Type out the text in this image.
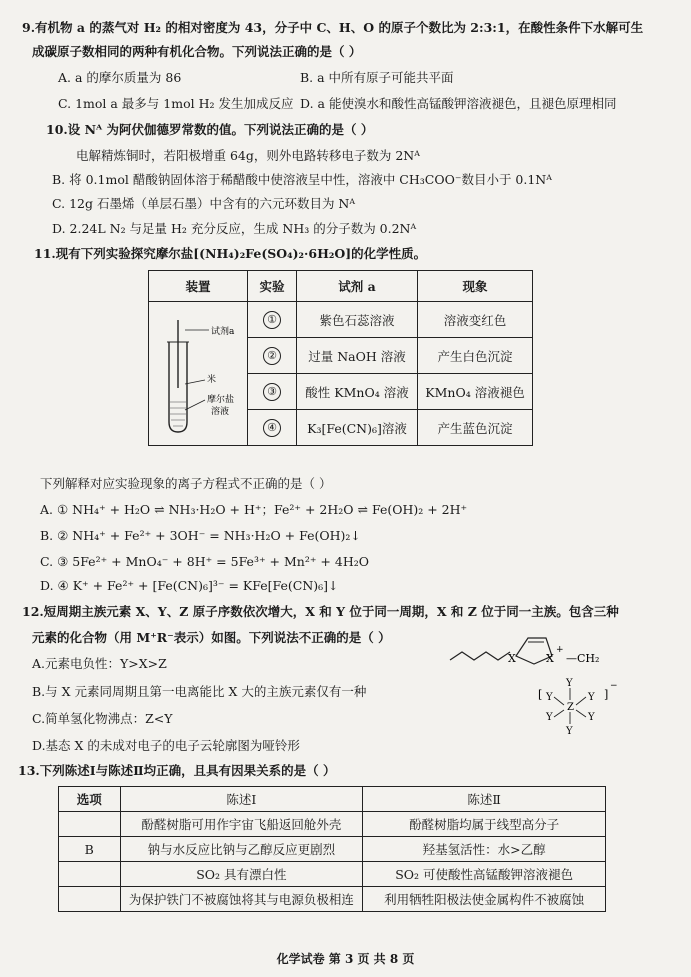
9.有机物 a 的蒸气对 H₂ 的相对密度为 43，分子中 C、H、O 的原子个数比为 2:3:1，在酸性条件下水解可生
成碳原子数相同的两种有机化合物。下列说法正确的是（ ）
A. a 的摩尔质量为 86	B. a 中所有原子可能共平面
C. 1mol a 最多与 1mol H₂ 发生加成反应 D. a 能使溴水和酸性高锰酸钾溶液褪色，且褪色原理相同
10.设 Nᴬ 为阿伏伽德罗常数的值。下列说法正确的是（ ）
电解精炼铜时，若阳极增重 64g，则外电路转移电子数为 2Nᴬ
B. 将 0.1mol 醋酸钠固体溶于稀醋酸中使溶液呈中性，溶液中 CH₃COO⁻数目小于 0.1Nᴬ
C. 12g 石墨烯（单层石墨）中含有的六元环数目为 Nᴬ
D. 2.24L N₂ 与足量 H₂ 充分反应，生成 NH₃ 的分子数为 0.2Nᴬ
11.现有下列实验探究摩尔盐[(NH₄)₂Fe(SO₄)₂·6H₂O]的化学性质。
装置	实验	试剂 a	现象

试剂a
米
摩尔盐
溶液	①	紫色石蕊溶液	溶液变红色
	②	过量 NaOH 溶液	产生白色沉淀
	③	酸性 KMnO₄ 溶液	KMnO₄ 溶液褪色
	④	K₃[Fe(CN)₆]溶液	产生蓝色沉淀
下列解释对应实验现象的离子方程式不正确的是（ ）
A. ① NH₄⁺ + H₂O ⇌ NH₃·H₂O + H⁺；Fe²⁺ + 2H₂O ⇌ Fe(OH)₂ + 2H⁺
B. ② NH₄⁺ + Fe²⁺ + 3OH⁻ = NH₃·H₂O + Fe(OH)₂↓
C. ③ 5Fe²⁺ + MnO₄⁻ + 8H⁺ = 5Fe³⁺ + Mn²⁺ + 4H₂O
D. ④ K⁺ + Fe²⁺ + [Fe(CN)₆]³⁻ = KFe[Fe(CN)₆]↓
12.短周期主族元素 X、Y、Z 原子序数依次增大，X 和 Y 位于同一周期，X 和 Z 位于同一主族。包含三种
元素的化合物（用 M⁺R⁻表示）如图。下列说法不正确的是（ ）
A.元素电负性：Y>X>Z
B.与 X 元素同周期且第一电离能比 X 大的主族元素仅有一种
C.简单氢化物沸点：Z<Y
D.基态 X 的未成对电子的电子云轮廓图为哑铃形
X	X
+
—CH₂
[	]
−
Y
Y	Y
Z
Y	Y
Y
13.下列陈述Ⅰ与陈述Ⅱ均正确，且具有因果关系的是（ ）
选项	陈述Ⅰ	陈述Ⅱ
	酚醛树脂可用作宇宙飞船返回舱外壳	酚醛树脂均属于线型高分子
B	钠与水反应比钠与乙醇反应更剧烈	羟基氢活性：水>乙醇
	SO₂ 具有漂白性	SO₂ 可使酸性高锰酸钾溶液褪色
	为保护铁门不被腐蚀将其与电源负极相连	利用牺牲阳极法使金属构件不被腐蚀
化学试卷 第 3 页 共 8 页
